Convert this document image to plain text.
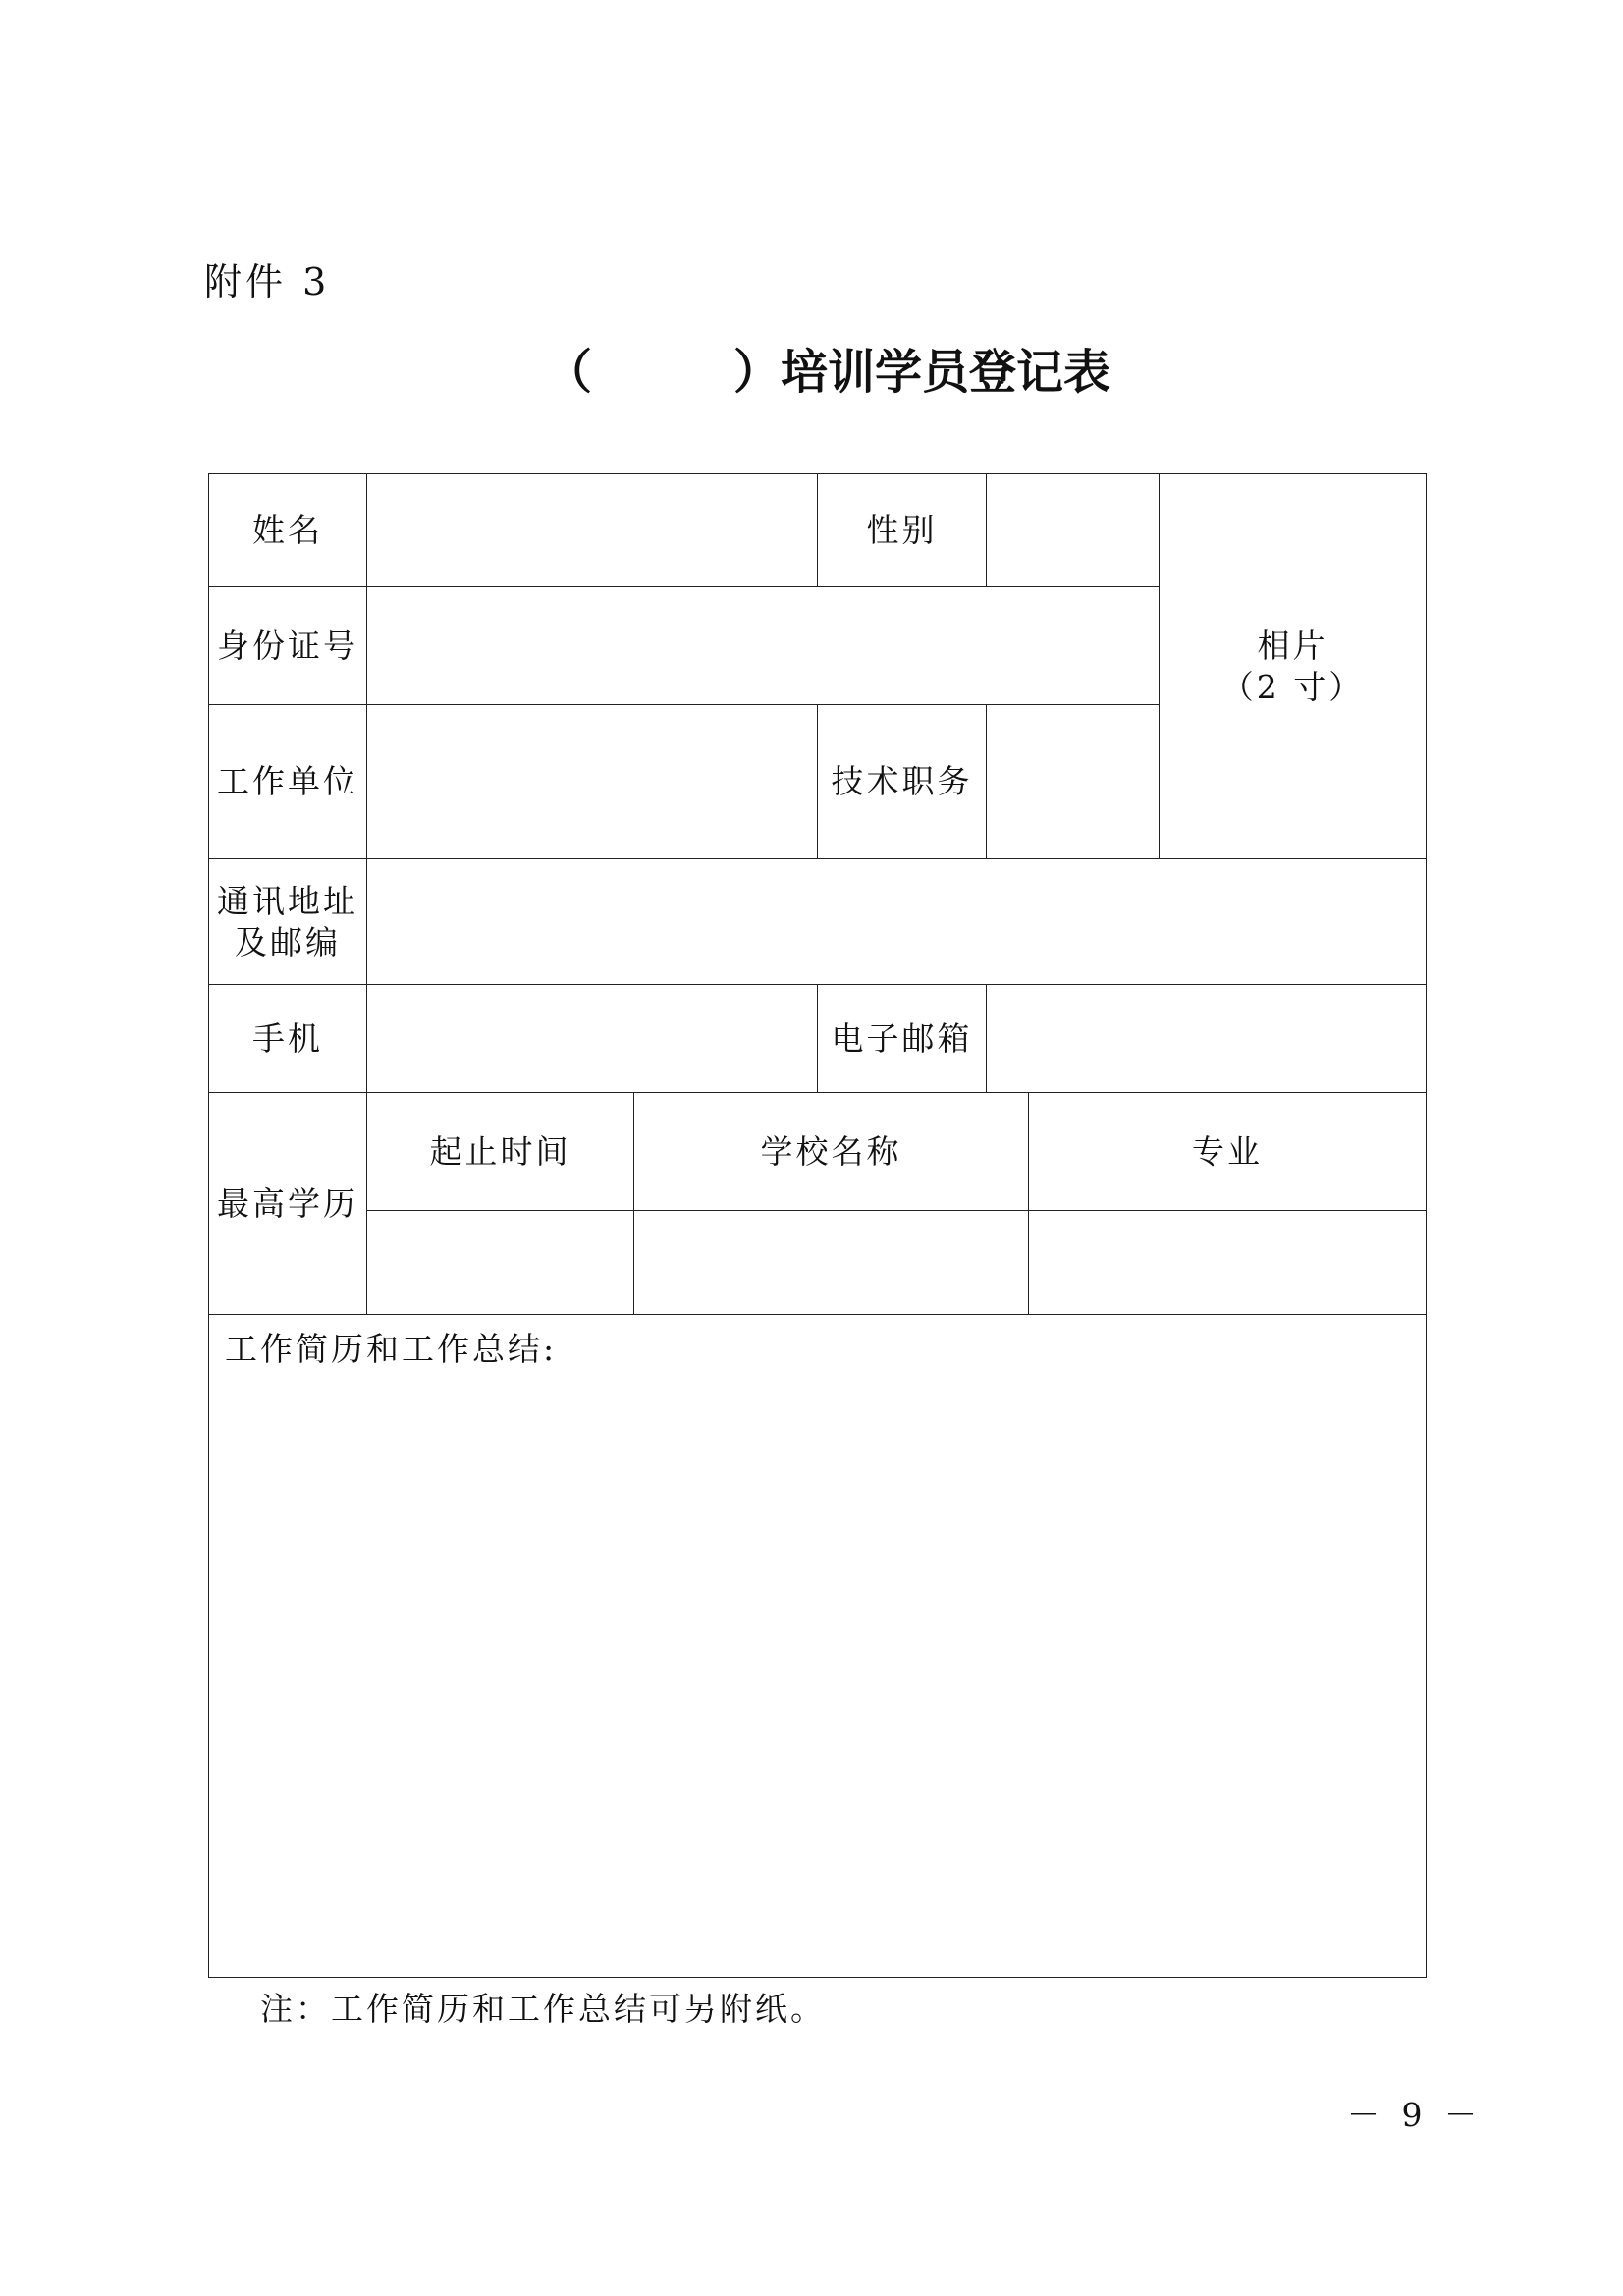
附件 3
（　　　）培训学员登记表
姓名			性别			相片
（2 寸）

身份证号						
工作单位			技术职务			

通讯地址
及邮编						

手机			电子邮箱			
最高学历	起止时间	学校名称			专业	

工作简历和工作总结:						
注：工作简历和工作总结可另附纸。
－ 9 －
